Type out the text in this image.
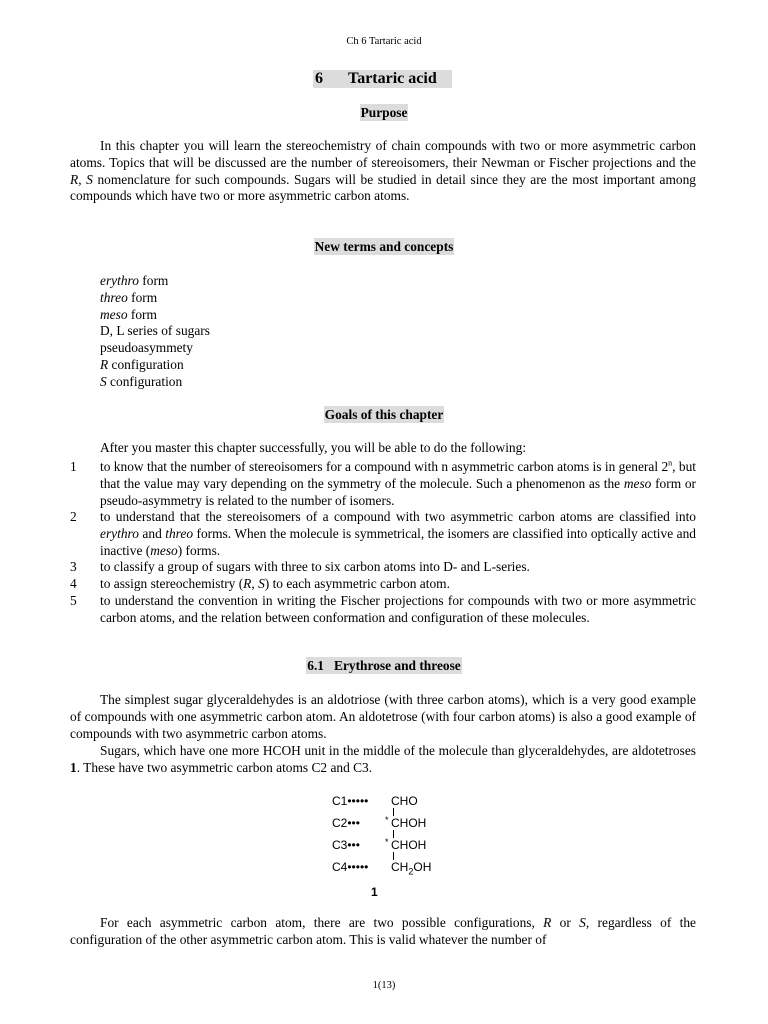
Ch 6 Tartaric acid
6 Tartaric acid
Purpose

In this chapter you will learn the stereochemistry of chain compounds with two or more asymmetric carbon atoms. Topics that will be discussed are the number of stereoisomers, their Newman or Fischer projections and the R, S nomenclature for such compounds. Sugars will be studied in detail since they are the most important among compounds which have two or more asymmetric carbon atoms.

New terms and concepts
erythro form
threo form
meso form
D, L series of sugars
pseudoasymmety
R configuration
S configuration
Goals of this chapter
After you master this chapter successfully, you will be able to do the following:
1 to know that the number of stereoisomers for a compound with n asymmetric carbon atoms is in general 2$^n$, but that the value may vary depending on the symmetry of the molecule. Such a phenomenon as the meso form or pseudo-asymmetry is related to the number of isomers.
2 to understand that the stereoisomers of a compound with two asymmetric carbon atoms are classified into erythro and threo forms. When the molecule is symmetrical, the isomers are classified into optically active and inactive (meso) forms.
3 to classify a group of sugars with three to six carbon atoms into D- and L-series.
4 to assign stereochemistry (R, S) to each asymmetric carbon atom.
5 to understand the convention in writing the Fischer projections for compounds with two or more asymmetric carbon atoms, and the relation between conformation and configuration of these molecules.
6.1   Erythrose and threose

The simplest sugar glyceraldehydes is an aldotriose (with three carbon atoms), which is a very good example of compounds with one asymmetric carbon atom. An aldotetrose (with four carbon atoms) is also a good example of compounds with two asymmetric carbon atoms.

Sugars, which have one more HCOH unit in the middle of the molecule than glyceraldehydes, are aldotetroses 1. These have two asymmetric carbon atoms C2 and C3.

C1••••• CHO
C2•••	CHOH
*
C3•••	CHOH
*
C4••••• $CH_2OH$
1

For each asymmetric carbon atom, there are two possible configurations, R or S, regardless of the configuration of the other asymmetric carbon atom. This is valid whatever the number of

1(13)
